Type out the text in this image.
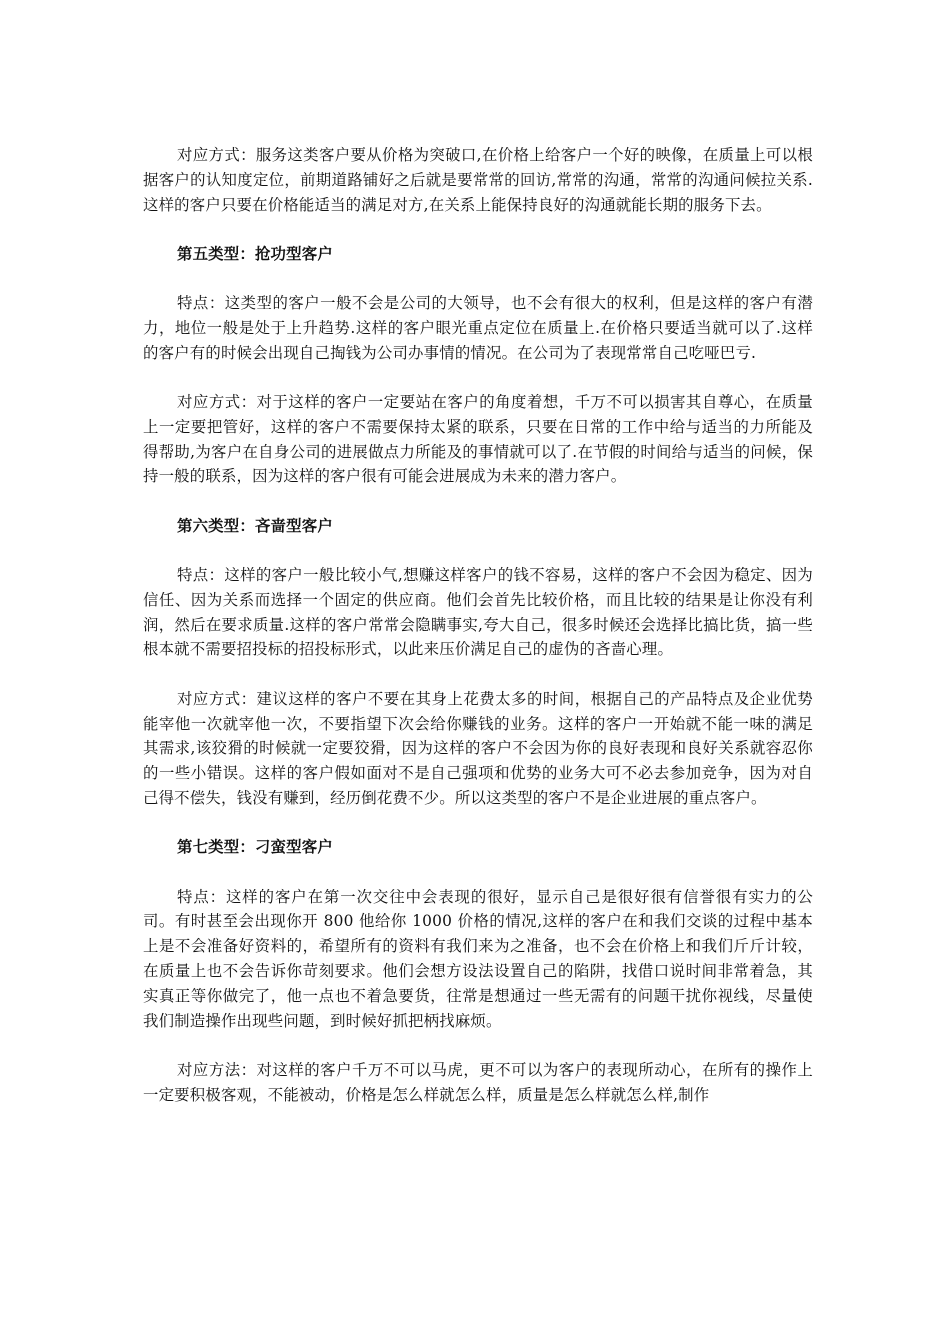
对应方式：服务这类客户要从价格为突破口,在价格上给客户一个好的映像，在质量上可以根据客户的认知度定位，前期道路铺好之后就是要常常的回访,常常的沟通，常常的沟通问候拉关系.这样的客户只要在价格能适当的满足对方,在关系上能保持良好的沟通就能长期的服务下去。

第五类型：抢功型客户

特点：这类型的客户一般不会是公司的大领导，也不会有很大的权利，但是这样的客户有潜力，地位一般是处于上升趋势.这样的客户眼光重点定位在质量上.在价格只要适当就可以了.这样的客户有的时候会出现自己掏钱为公司办事情的情况。在公司为了表现常常自己吃哑巴亏.

对应方式：对于这样的客户一定要站在客户的角度着想，千万不可以损害其自尊心，在质量上一定要把管好，这样的客户不需要保持太紧的联系，只要在日常的工作中给与适当的力所能及得帮助,为客户在自身公司的进展做点力所能及的事情就可以了.在节假的时间给与适当的问候，保持一般的联系，因为这样的客户很有可能会进展成为未来的潜力客户。

第六类型：吝啬型客户

特点：这样的客户一般比较小气,想赚这样客户的钱不容易，这样的客户不会因为稳定、因为信任、因为关系而选择一个固定的供应商。他们会首先比较价格，而且比较的结果是让你没有利润，然后在要求质量.这样的客户常常会隐瞒事实,夸大自己，很多时候还会选择比搞比货，搞一些根本就不需要招投标的招投标形式，以此来压价满足自己的虚伪的吝啬心理。

对应方式：建议这样的客户不要在其身上花费太多的时间，根据自己的产品特点及企业优势能宰他一次就宰他一次，不要指望下次会给你赚钱的业务。这样的客户一开始就不能一味的满足其需求,该狡猾的时候就一定要狡猾，因为这样的客户不会因为你的良好表现和良好关系就容忍你的一些小错误。这样的客户假如面对不是自己强项和优势的业务大可不必去参加竞争，因为对自己得不偿失，钱没有赚到，经历倒花费不少。所以这类型的客户不是企业进展的重点客户。

第七类型：刁蛮型客户

特点：这样的客户在第一次交往中会表现的很好，显示自己是很好很有信誉很有实力的公司。有时甚至会出现你开 800 他给你 1000 价格的情况,这样的客户在和我们交谈的过程中基本上是不会准备好资料的，希望所有的资料有我们来为之准备，也不会在价格上和我们斤斤计较，在质量上也不会告诉你苛刻要求。他们会想方设法设置自己的陷阱，找借口说时间非常着急，其实真正等你做完了，他一点也不着急要货，往常是想通过一些无需有的问题干扰你视线，尽量使我们制造操作出现些问题，到时候好抓把柄找麻烦。

对应方法：对这样的客户千万不可以马虎，更不可以为客户的表现所动心，在所有的操作上一定要积极客观，不能被动，价格是怎么样就怎么样，质量是怎么样就怎么样,制作
